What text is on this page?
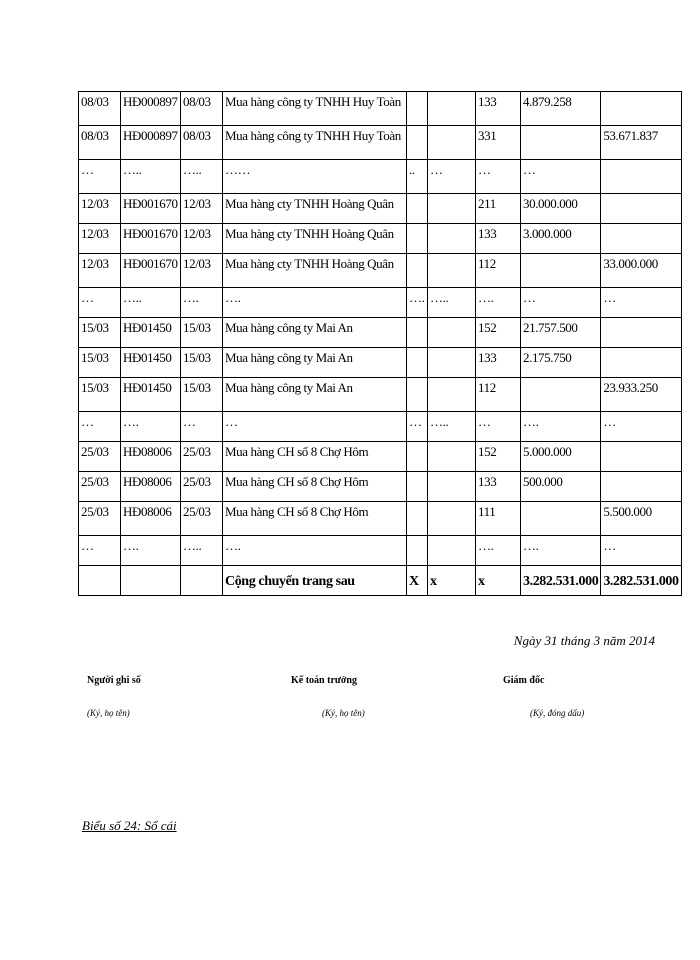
08/03	HĐ000897	08/03	Mua hàng công ty TNHH Huy Toàn			133	4.879.258	
08/03	HĐ000897	08/03	Mua hàng công ty TNHH Huy Toàn			331		53.671.837
…	…..	…..	……	..	…	…	…	
12/03	HĐ001670	12/03	Mua hàng cty TNHH Hoàng Quân			211	30.000.000	
12/03	HĐ001670	12/03	Mua hàng cty TNHH Hoàng Quân			133	3.000.000	
12/03	HĐ001670	12/03	Mua hàng cty TNHH Hoàng Quân			112		33.000.000
…	…..	….	….	….	…..	….	…	…
15/03	HĐ01450	15/03	Mua hàng công ty Mai An			152	21.757.500	
15/03	HĐ01450	15/03	Mua hàng công ty Mai An			133	2.175.750	
15/03	HĐ01450	15/03	Mua hàng công ty Mai An			112		23.933.250
…	….	…	…	…	…..	…	….	…
25/03	HĐ08006	25/03	Mua hàng CH số 8 Chợ Hôm			152	5.000.000	
25/03	HĐ08006	25/03	Mua hàng CH số 8 Chợ Hôm			133	500.000	
25/03	HĐ08006	25/03	Mua hàng CH số 8 Chợ Hôm			111		5.500.000
…	….	…..	….			….	….	…
			Cộng chuyển trang sau	X	x	x	3.282.531.000	3.282.531.000
Ngày 31 tháng 3 năm 2014
Người ghi sổ	Kế toán trưởng	Giám đốc
(Ký, họ tên)	(Ký, họ tên)	(Ký, đóng dấu)
Biểu số 24: Sổ cái
